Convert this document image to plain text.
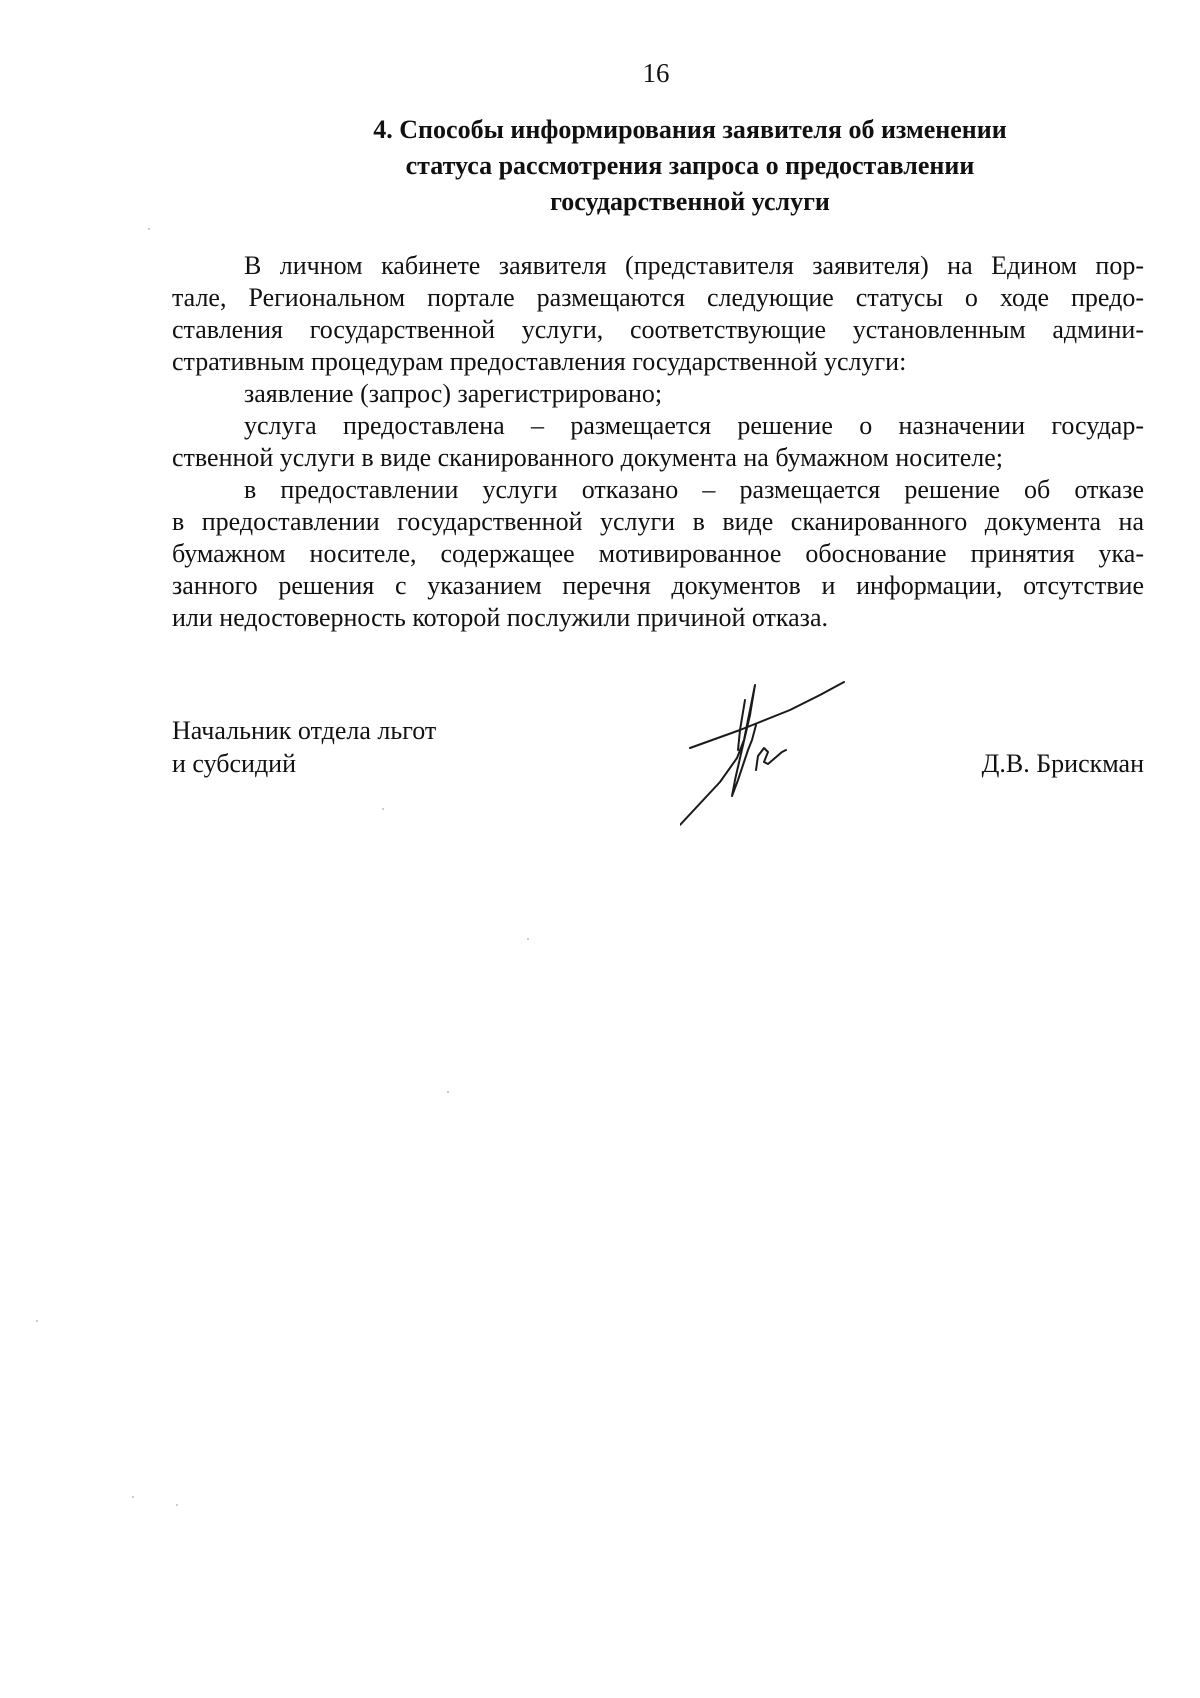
16
4. Способы информирования заявителя об изменении
статуса рассмотрения запроса о предоставлении
государственной услуги
В личном кабинете заявителя (представителя заявителя) на Едином пор-
тале, Региональном портале размещаются следующие статусы о ходе предо-
ставления государственной услуги, соответствующие установленным админи-
стративным процедурам предоставления государственной услуги:
заявление (запрос) зарегистрировано;
услуга предоставлена – размещается решение о назначении государ-
ственной услуги в виде сканированного документа на бумажном носителе;
в предоставлении услуги отказано – размещается решение об отказе
в предоставлении государственной услуги в виде сканированного документа на
бумажном носителе, содержащее мотивированное обоснование принятия ука-
занного решения с указанием перечня документов и информации, отсутствие
или недостоверность которой послужили причиной отказа.
Начальник отдела льгот
и субсидий	Д.В. Брискман
